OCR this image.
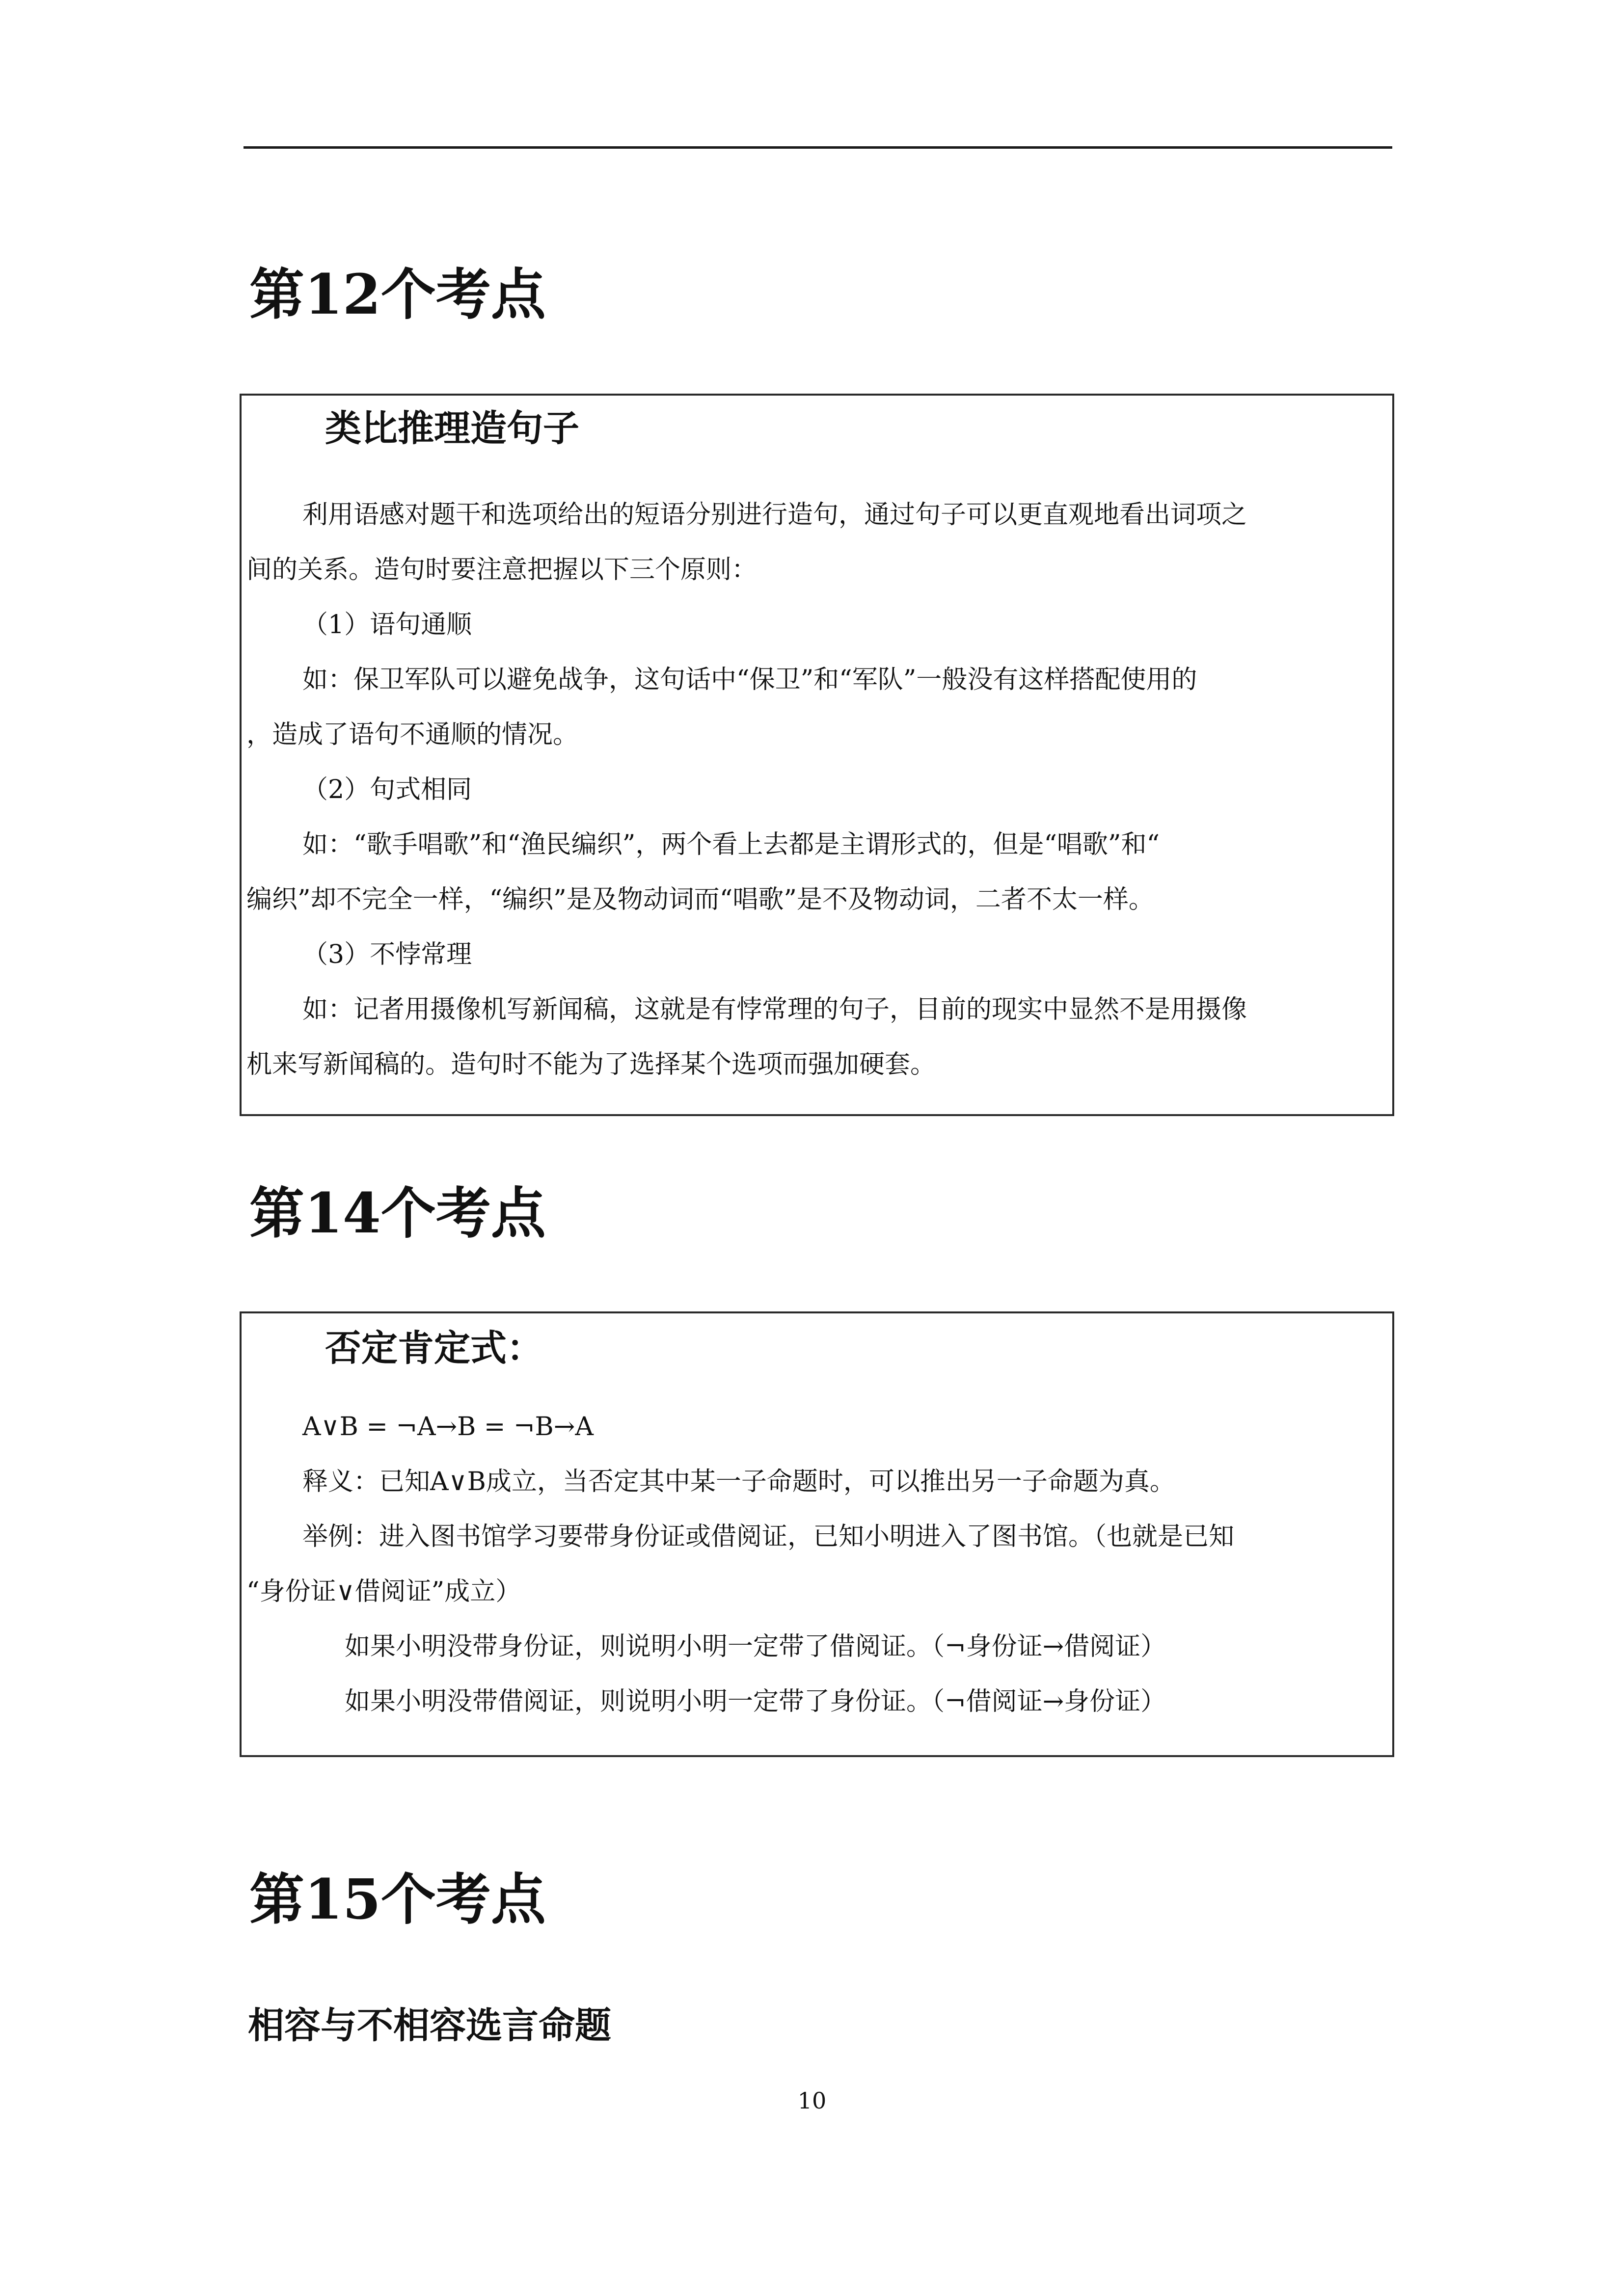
第12个考点
类比推理造句子
利用语感对题干和选项给出的短语分别进行造句，通过句子可以更直观地看出词项之
间的关系。造句时要注意把握以下三个原则：
（1）语句通顺
如：保卫军队可以避免战争，这句话中“保卫”和“军队”一般没有这样搭配使用的
，造成了语句不通顺的情况。
（2）句式相同
如：“歌手唱歌”和“渔民编织”，两个看上去都是主谓形式的，但是“唱歌”和“
编织”却不完全一样，“编织”是及物动词而“唱歌”是不及物动词，二者不太一样。
（3）不悖常理
如：记者用摄像机写新闻稿，这就是有悖常理的句子，目前的现实中显然不是用摄像
机来写新闻稿的。造句时不能为了选择某个选项而强加硬套。
第14个考点
否定肯定式：
A∨B = ¬A→B = ¬B→A
释义：已知A∨B成立，当否定其中某一子命题时，可以推出另一子命题为真。
举例：进入图书馆学习要带身份证或借阅证，已知小明进入了图书馆。（也就是已知
“身份证∨借阅证”成立）
如果小明没带身份证，则说明小明一定带了借阅证。（¬身份证→借阅证）
如果小明没带借阅证，则说明小明一定带了身份证。（¬借阅证→身份证）
第15个考点
相容与不相容选言命题
10
